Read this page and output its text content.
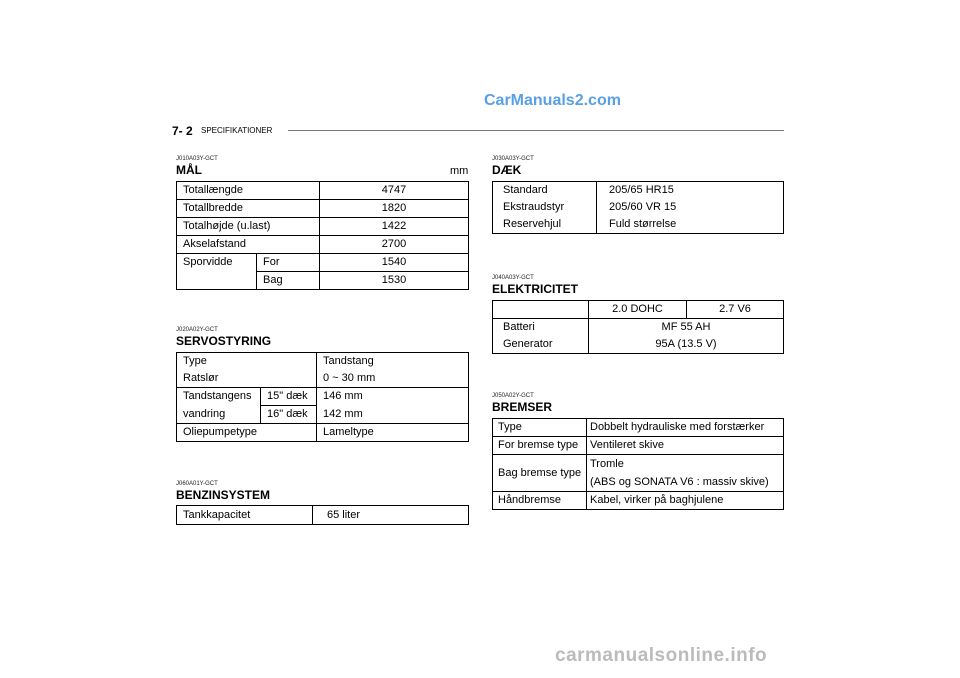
CarManuals2.com
7- 2 SPECIFIKATIONER
J010A03Y-GCT
MÅL	mm
Totallængde		4747
Totallbredde		1820
Totalhøjde (u.last)		1422
Akselafstand		2700
Sporvidde	For	1540
	Bag	1530
J020A02Y-GCT
SERVOSTYRING
Type		Tandstang
Ratslør		0 ~ 30 mm
Tandstangens	15" dæk	146 mm
vandring	16" dæk	142 mm
Oliepumpetype		Lameltype
J060A01Y-GCT
BENZINSYSTEM
Tankkapacitet	65 liter
J030A03Y-GCT
DÆK
Standard	205/65 HR15
Ekstraudstyr	205/60 VR 15
Reservehjul	Fuld størrelse
J040A03Y-GCT
ELEKTRICITET
	2.0 DOHC	2.7 V6
Batteri	MF 55 AH	
Generator	95A (13.5 V)	
J050A02Y-GCT
BREMSER
Type	Dobbelt hydrauliske med forstærker
For bremse type	Ventileret skive
Bag bremse type	Tromle
(ABS og SONATA V6 : massiv skive)

Håndbremse	Kabel, virker på baghjulene
carmanualsonline.info
